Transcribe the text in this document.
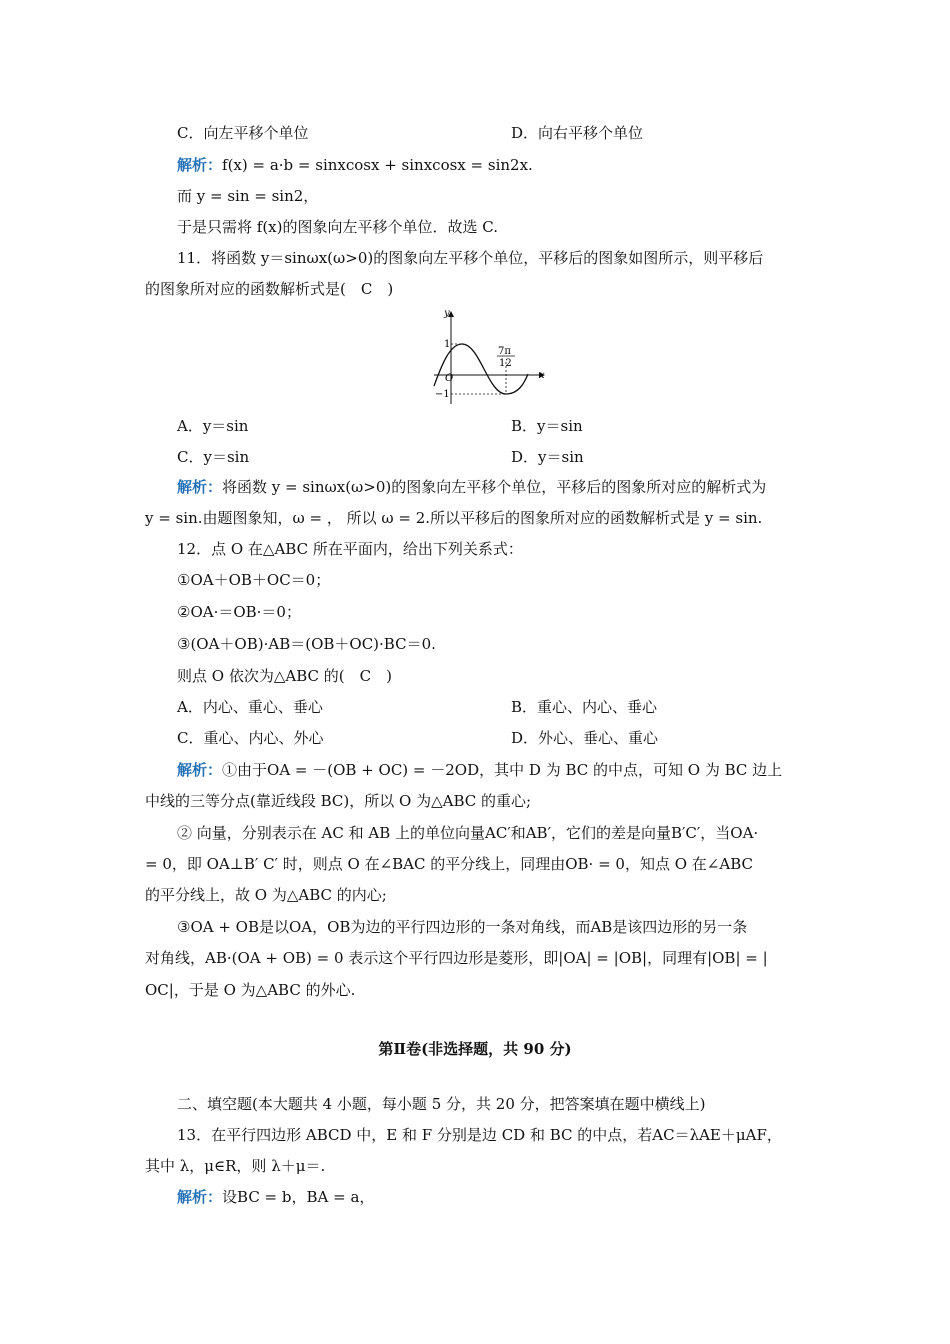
C．向左平移个单位	D．向右平移个单位
解析：f(x) = a·b = sinxcosx + sinxcosx = sin2x.
而 y = sin = sin2，
于是只需将 f(x)的图象向左平移个单位．故选 C.
11．将函数 y＝sinωx(ω>0)的图象向左平移个单位，平移后的图象如图所示，则平移后
的图象所对应的函数解析式是(　C　)
y
x
O
1
−1
7π
12
A．y＝sin	B．y＝sin
C．y＝sin	D．y＝sin
解析：将函数 y = sinωx(ω>0)的图象向左平移个单位，平移后的图象所对应的解析式为
y = sin.由题图象知，ω = ， 所以 ω = 2.所以平移后的图象所对应的函数解析式是 y = sin.
12．点 O 在△ABC 所在平面内，给出下列关系式：
①OA＋OB＋OC＝0；
②OA·＝OB·＝0；
③(OA＋OB)·AB＝(OB＋OC)·BC＝0.
则点 O 依次为△ABC 的(　C　)
A．内心、重心、垂心	B．重心、内心、垂心
C．重心、内心、外心	D．外心、垂心、重心
解析：①由于OA = －(OB + OC) = －2OD，其中 D 为 BC 的中点，可知 O 为 BC 边上
中线的三等分点(靠近线段 BC)，所以 O 为△ABC 的重心;
② 向量，分别表示在 AC 和 AB 上的单位向量AC′和AB′，它们的差是向量B′C′，当OA·
= 0，即 OA⊥B′ C′ 时，则点 O 在∠BAC 的平分线上，同理由OB· = 0，知点 O 在∠ABC
的平分线上，故 O 为△ABC 的内心;
③OA + OB是以OA，OB为边的平行四边形的一条对角线，而AB是该四边形的另一条
对角线，AB·(OA + OB) = 0 表示这个平行四边形是菱形，即|OA| = |OB|，同理有|OB| = |
OC|，于是 O 为△ABC 的外心.
第Ⅱ卷(非选择题，共 90 分)
二、填空题(本大题共 4 小题，每小题 5 分，共 20 分，把答案填在题中横线上)
13．在平行四边形 ABCD 中，E 和 F 分别是边 CD 和 BC 的中点，若AC＝λAE＋μAF，
其中 λ，μ∈R，则 λ＋μ＝.
解析：设BC = b，BA = a，
